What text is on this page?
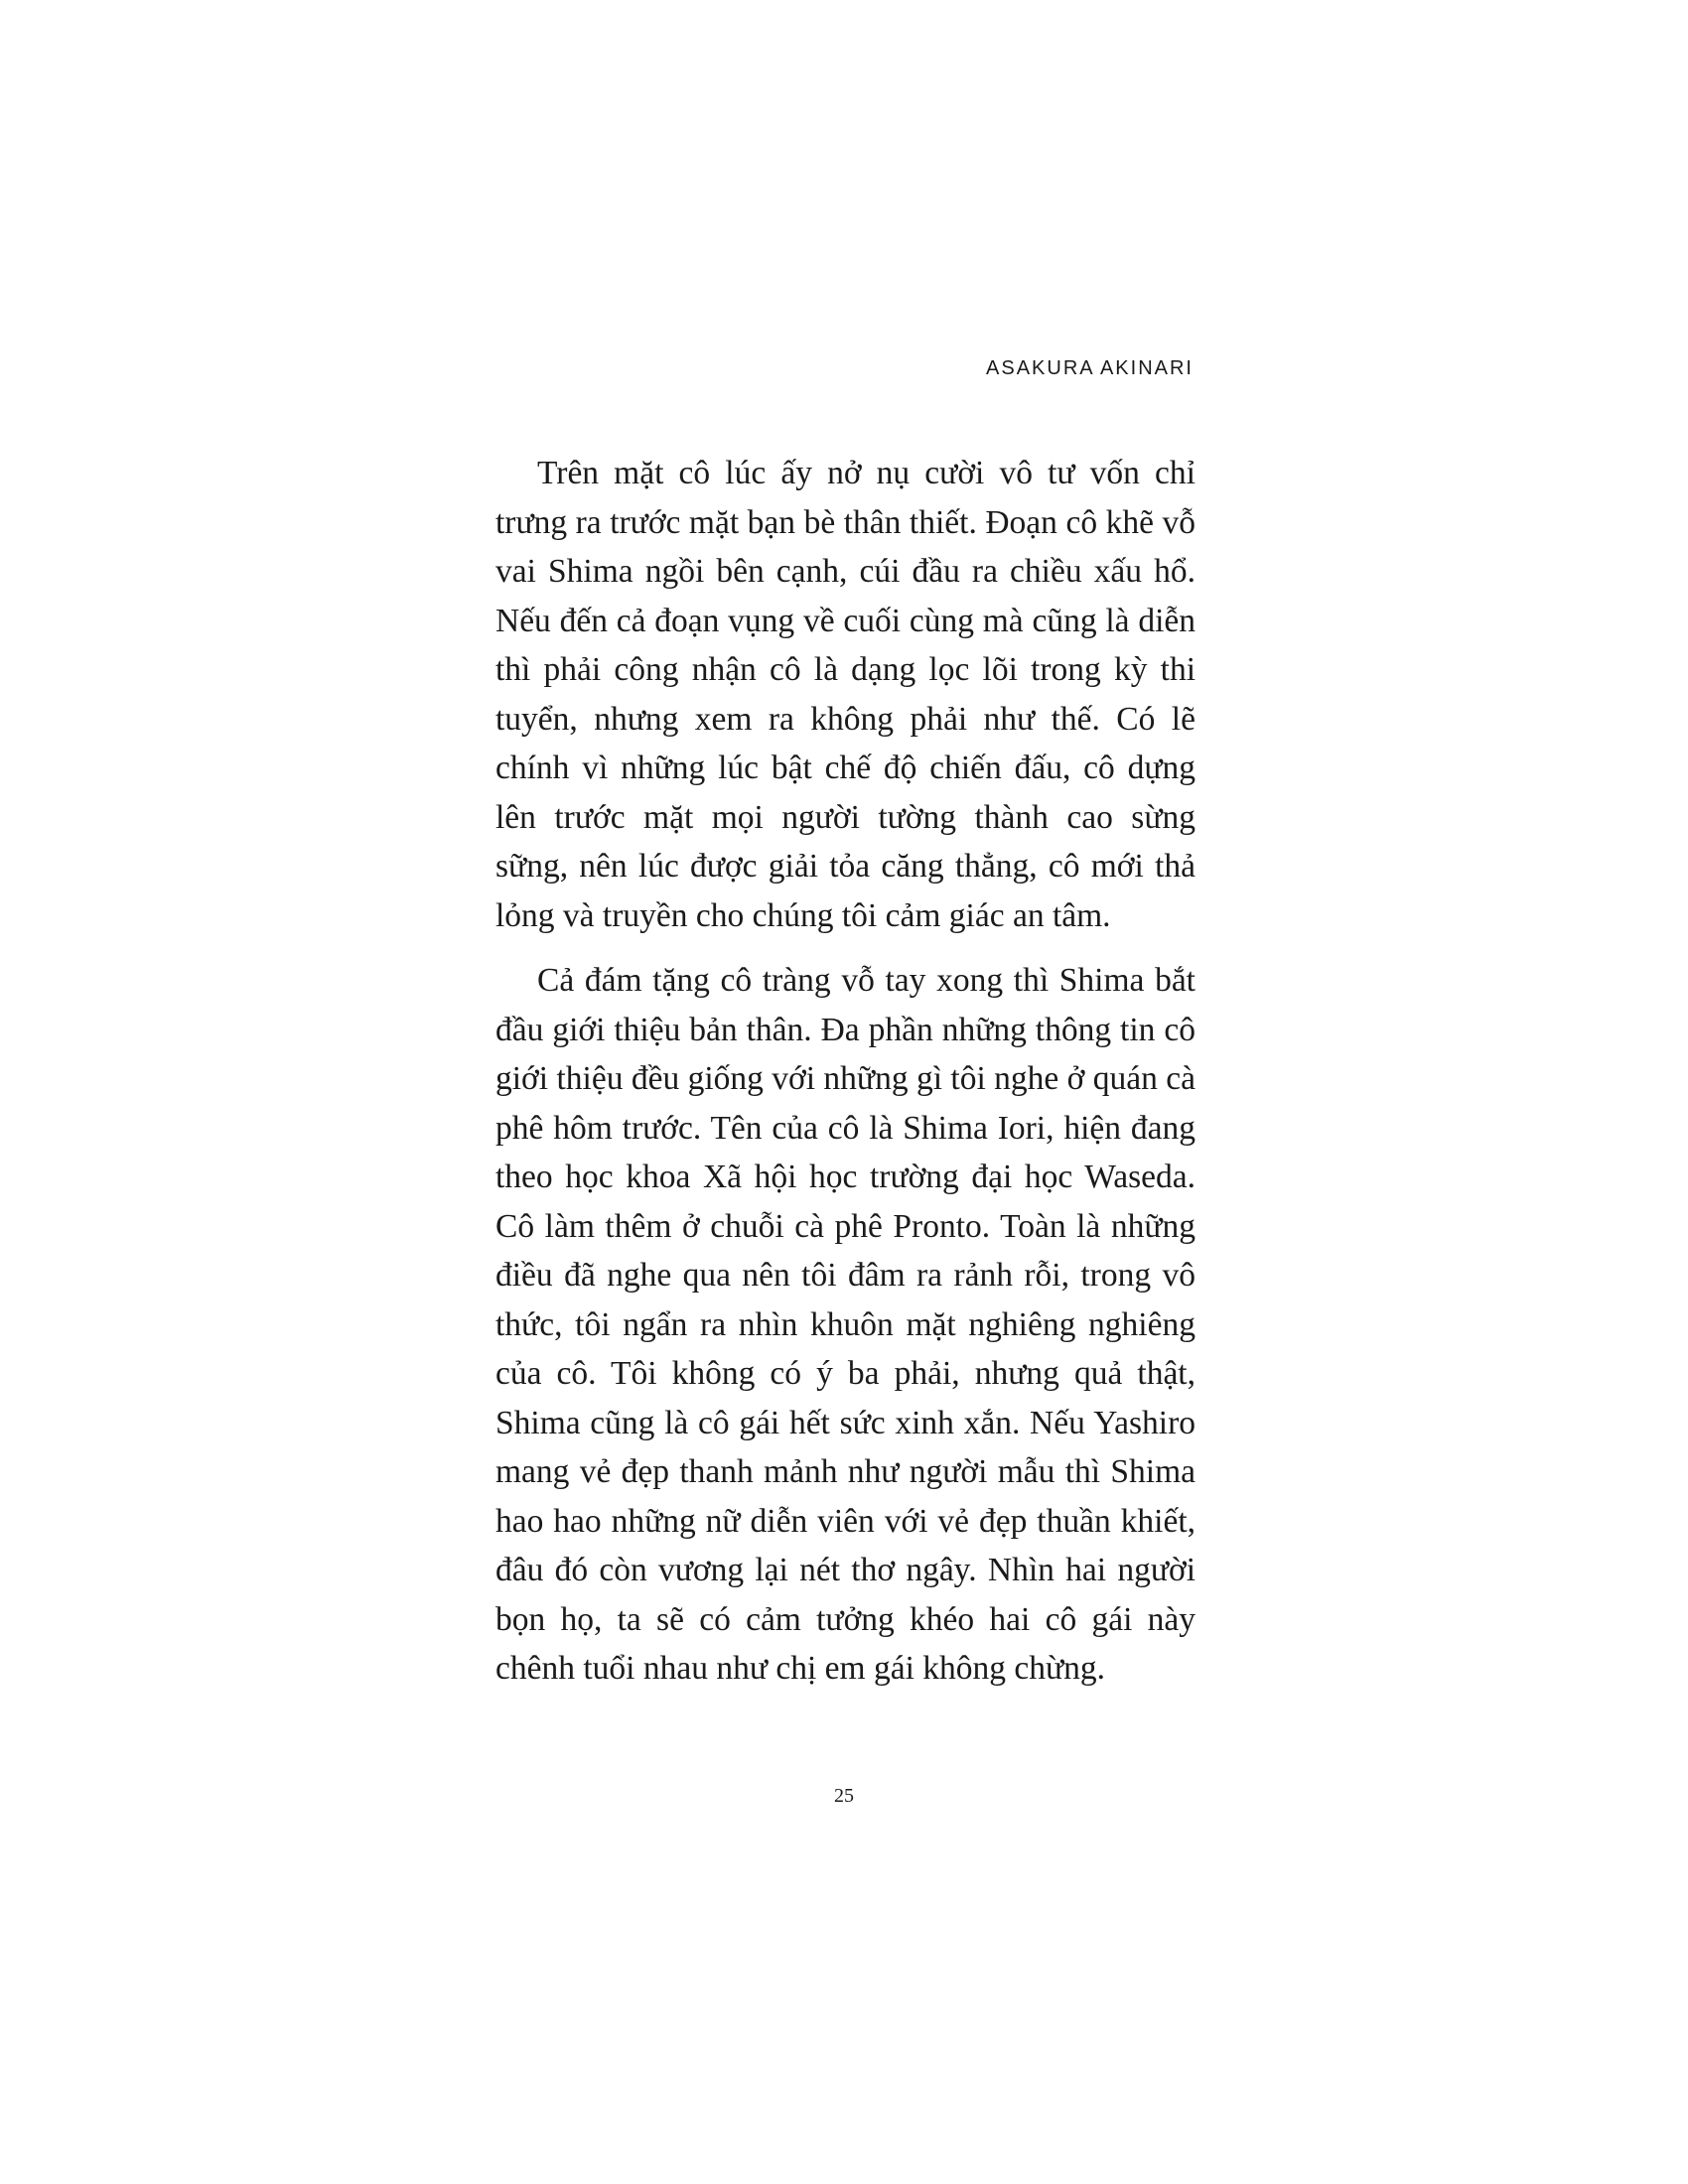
ASAKURA AKINARI

Trên mặt cô lúc ấy nở nụ cười vô tư vốn chỉ trưng ra trước mặt bạn bè thân thiết. Đoạn cô khẽ vỗ vai Shima ngồi bên cạnh, cúi đầu ra chiều xấu hổ. Nếu đến cả đoạn vụng về cuối cùng mà cũng là diễn thì phải công nhận cô là dạng lọc lõi trong kỳ thi tuyển, nhưng xem ra không phải như thế. Có lẽ chính vì những lúc bật chế độ chiến đấu, cô dựng lên trước mặt mọi người tường thành cao sừng sững, nên lúc được giải tỏa căng thẳng, cô mới thả lỏng và truyền cho chúng tôi cảm giác an tâm.

Cả đám tặng cô tràng vỗ tay xong thì Shima bắt đầu giới thiệu bản thân. Đa phần những thông tin cô giới thiệu đều giống với những gì tôi nghe ở quán cà phê hôm trước. Tên của cô là Shima Iori, hiện đang theo học khoa Xã hội học trường đại học Waseda. Cô làm thêm ở chuỗi cà phê Pronto. Toàn là những điều đã nghe qua nên tôi đâm ra rảnh rỗi, trong vô thức, tôi ngẩn ra nhìn khuôn mặt nghiêng nghiêng của cô. Tôi không có ý ba phải, nhưng quả thật, Shima cũng là cô gái hết sức xinh xắn. Nếu Yashiro mang vẻ đẹp thanh mảnh như người mẫu thì Shima hao hao những nữ diễn viên với vẻ đẹp thuần khiết, đâu đó còn vương lại nét thơ ngây. Nhìn hai người bọn họ, ta sẽ có cảm tưởng khéo hai cô gái này chênh tuổi nhau như chị em gái không chừng.

25
